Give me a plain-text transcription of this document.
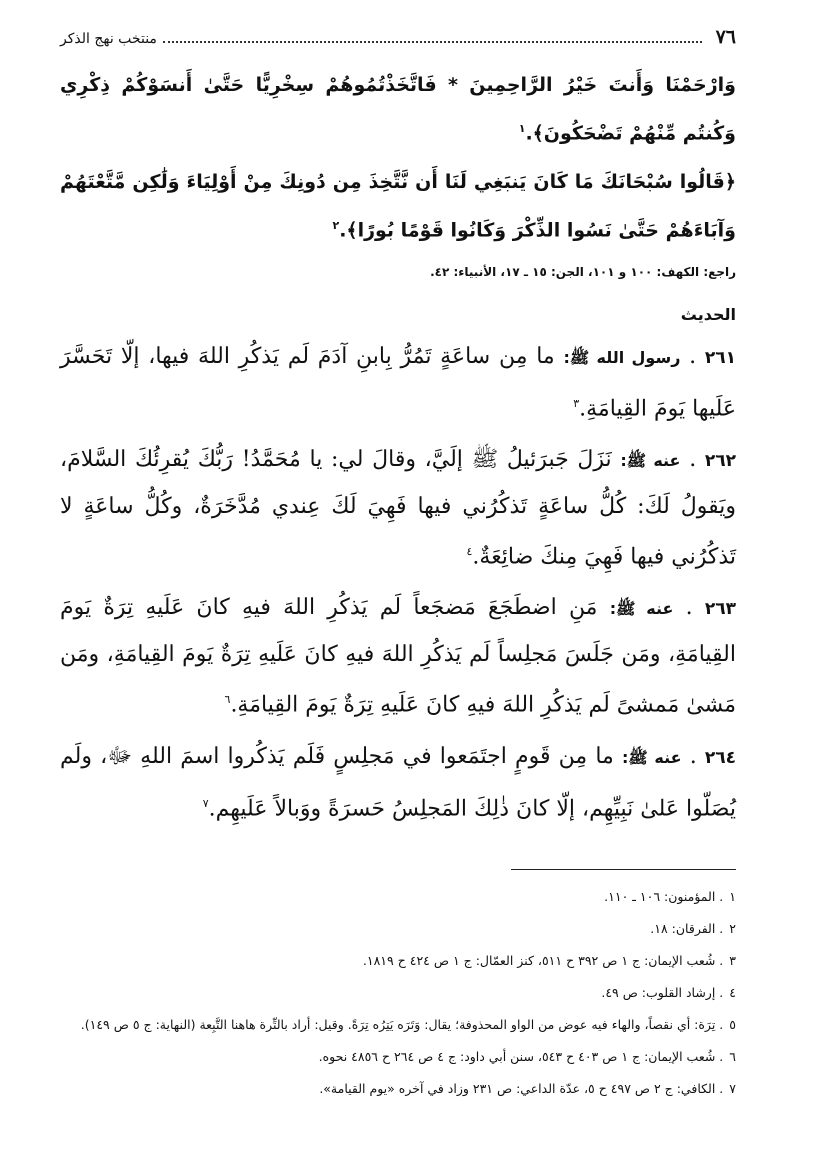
٧٦
منتخب نهج الذكر
وَارْحَمْنَا وَأَنتَ خَيْرُ الرَّاحِمِينَ * فَاتَّخَذْتُمُوهُمْ سِخْرِيًّا حَتَّىٰ أَنسَوْكُمْ ذِكْرِي وَكُنتُم مِّنْهُمْ تَضْحَكُونَ﴾.$^١$
﴿قَالُوا سُبْحَانَكَ مَا كَانَ يَنبَغِي لَنَا أَن نَّتَّخِذَ مِن دُونِكَ مِنْ أَوْلِيَاءَ وَلَٰكِن مَّتَّعْتَهُمْ وَآبَاءَهُمْ حَتَّىٰ نَسُوا الذِّكْرَ وَكَانُوا قَوْمًا بُورًا﴾.$^٢$
راجع: الكهف: ١٠٠ و ١٠١، الجن: ١٥ ـ ١٧، الأنبياء: ٤٢.
الحديث
٢٦١ . رسول الله ﷺ: ما مِن ساعَةٍ تَمُرُّ بِابنِ آدَمَ لَم يَذكُرِ اللهَ فيها، إلّا تَحَسَّرَ عَلَيها يَومَ القِيامَةِ.$^٣$
٢٦٢ . عنه ﷺ: نَزَلَ جَبرَئيلُ ﷺ إلَيَّ، وقالَ لي: يا مُحَمَّدُ! رَبُّكَ يُقرِئُكَ السَّلامَ، ويَقولُ لَكَ: كُلُّ ساعَةٍ تَذكُرُني فيها فَهِيَ لَكَ عِندي مُدَّخَرَةٌ، وكُلُّ ساعَةٍ لا تَذكُرُني فيها فَهِيَ مِنكَ ضائِعَةٌ.$^٤$
٢٦٣ . عنه ﷺ: مَنِ اضطَجَعَ مَضجَعاً لَم يَذكُرِ اللهَ فيهِ كانَ عَلَيهِ تِرَةٌ يَومَ القِيامَةِ، ومَن جَلَسَ مَجلِساً لَم يَذكُرِ اللهَ فيهِ كانَ عَلَيهِ تِرَةٌ يَومَ القِيامَةِ، ومَن مَشىٰ مَمشىً لَم يَذكُرِ اللهَ فيهِ كانَ عَلَيهِ تِرَةٌ يَومَ القِيامَةِ.$^٦$
٢٦٤ . عنه ﷺ: ما مِن قَومٍ اجتَمَعوا في مَجلِسٍ فَلَم يَذكُروا اسمَ اللهِ ﷻ، ولَم يُصَلّوا عَلىٰ نَبِيِّهِم، إلّا كانَ ذٰلِكَ المَجلِسُ حَسرَةً ووَبالاً عَلَيهِم.$^٧$
١. المؤمنون: ١٠٦ ـ ١١٠.
٢. الفرقان: ١٨.
٣. شُعب الإيمان: ج ١ ص ٣٩٢ ح ٥١١، كنز العمّال: ج ١ ص ٤٢٤ ح ١٨١٩.
٤. إرشاد القلوب: ص ٤٩.
٥. تِرَة: أي نقصاً، والهاء فيه عوض من الواو المحذوفة؛ يقال: وَتَرَه يَتِرُه تِرَةً. وقيل: أراد بالتِّرة هاهنا التَّبِعة (النهاية: ج ٥ ص ١٤٩).
٦. شُعب الإيمان: ج ١ ص ٤٠٣ ح ٥٤٣، سنن أبي داود: ج ٤ ص ٢٦٤ ح ٤٨٥٦ نحوه.
٧. الكافي: ج ٢ ص ٤٩٧ ح ٥، عدّة الداعي: ص ٢٣١ وزاد في آخره «يوم القيامة».
